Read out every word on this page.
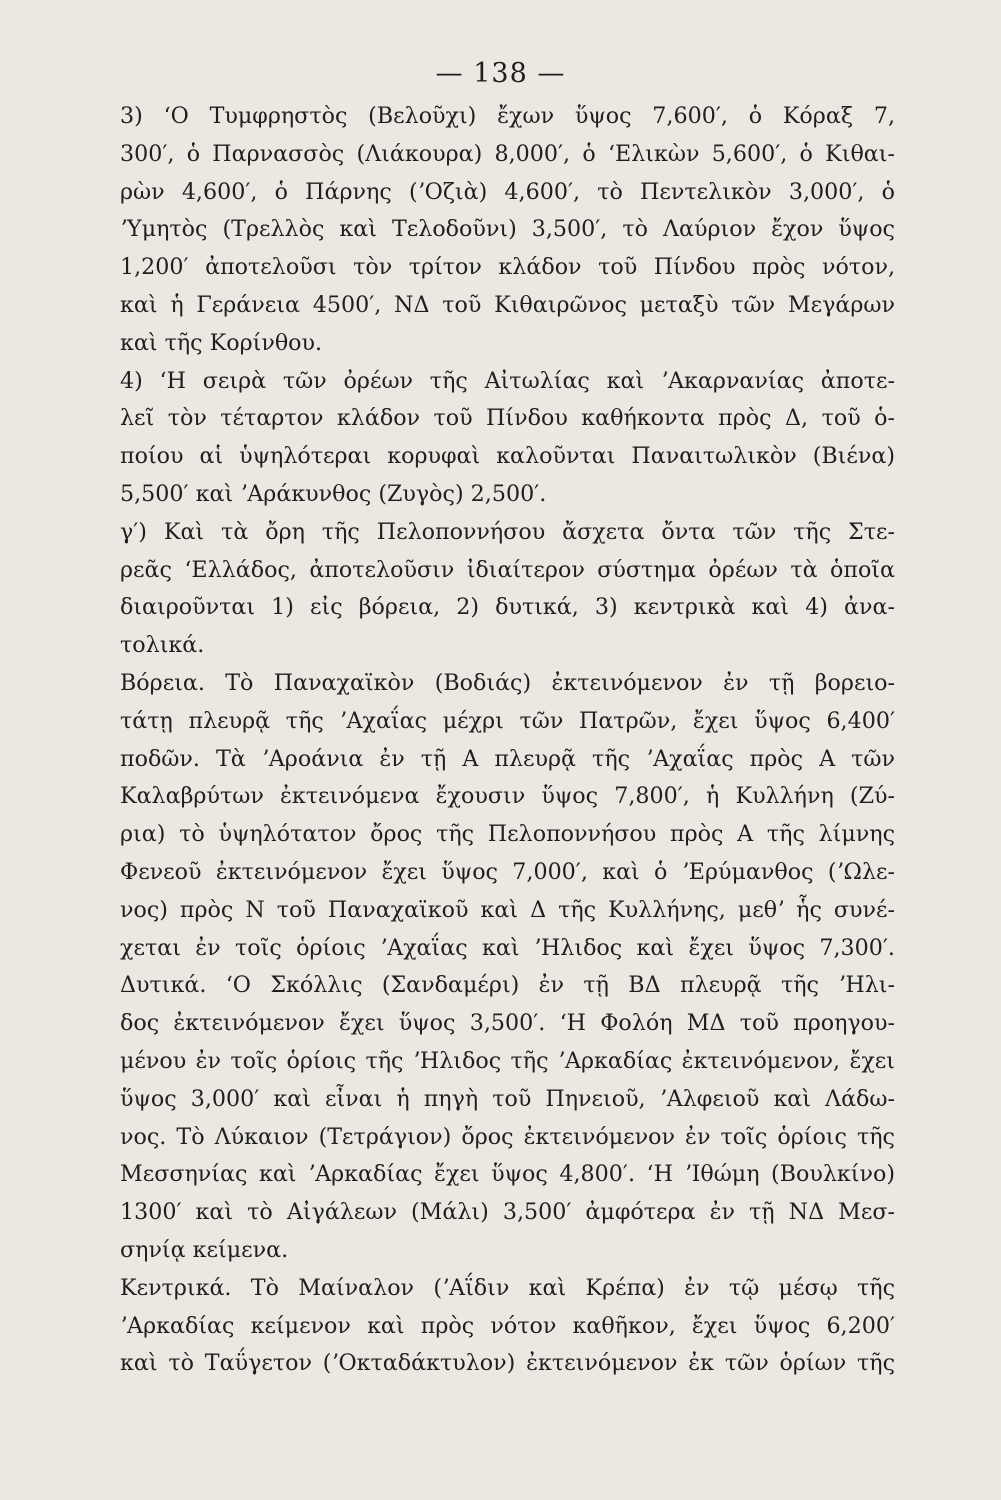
— 138 —
3) ʻΟ Τυμφρηστὸς (Βελοῦχι) ἔχων ὕψος 7,600′, ὁ Κόραξ 7,
300′, ὁ Παρνασσὸς (Λιάκουρα) 8,000′, ὁ ʻΕλικὼν 5,600′, ὁ Κιθαι-
ρὼν 4,600′, ὁ Πάρνης (ʼΟζιὰ) 4,600′, τὸ Πεντελικὸν 3,000′, ὁ
ʼΥμητὸς (Τρελλὸς καὶ Τελοδοῦνι) 3,500′, τὸ Λαύριον ἔχον ὕψος
1,200′ ἀποτελοῦσι τὸν τρίτον κλάδον τοῦ Πίνδου πρὸς νότον,
καὶ ἡ Γεράνεια 4500′, ΝΔ τοῦ Κιθαιρῶνος μεταξὺ τῶν Μεγάρων
καὶ τῆς Κορίνθου.
4) ʻΗ σειρὰ τῶν ὀρέων τῆς Αἰτωλίας καὶ ʼΑκαρνανίας ἀποτε-
λεῖ τὸν τέταρτον κλάδον τοῦ Πίνδου καθήκοντα πρὸς Δ, τοῦ ὁ-
ποίου αἱ ὑψηλότεραι κορυφαὶ καλοῦνται Παναιτωλικὸν (Βιένα)
5,500′ καὶ ʼΑράκυνθος (Ζυγὸς) 2,500′.
γ′) Καὶ τὰ ὄρη τῆς Πελοποννήσου ἄσχετα ὄντα τῶν τῆς Στε-
ρεᾶς ʻΕλλάδος, ἀποτελοῦσιν ἰδιαίτερον σύστημα ὀρέων τὰ ὁποῖα
διαιροῦνται 1) εἰς βόρεια, 2) δυτικά, 3) κεντρικὰ καὶ 4) ἀνα-
τολικά.
Βόρεια. Τὸ Παναχαϊκὸν (Βοδιάς) ἐκτεινόμενον ἐν τῇ βορειο-
τάτῃ πλευρᾷ τῆς ʼΑχαΐας μέχρι τῶν Πατρῶν, ἔχει ὕψος 6,400′
ποδῶν. Τὰ ʼΑροάνια ἐν τῇ Α πλευρᾷ τῆς ʼΑχαΐας πρὸς Α τῶν
Καλαβρύτων ἐκτεινόμενα ἔχουσιν ὕψος 7,800′, ἡ Κυλλήνη (Ζύ-
ρια) τὸ ὑψηλότατον ὄρος τῆς Πελοποννήσου πρὸς Α τῆς λίμνης
Φενεοῦ ἐκτεινόμενον ἔχει ὕψος 7,000′, καὶ ὁ ʼΕρύμανθος (ʼΩλε-
νος) πρὸς Ν τοῦ Παναχαϊκοῦ καὶ Δ τῆς Κυλλήνης, μεθʼ ἧς συνέ-
χεται ἐν τοῖς ὁρίοις ʼΑχαΐας καὶ ʼΗλιδος καὶ ἔχει ὕψος 7,300′.
Δυτικά. ʻΟ Σκόλλις (Σανδαμέρι) ἐν τῇ ΒΔ πλευρᾷ τῆς ʼΗλι-
δος ἐκτεινόμενον ἔχει ὕψος 3,500′. ʻΗ Φολόη ΜΔ τοῦ προηγου-
μένου ἐν τοῖς ὁρίοις τῆς ʼΗλιδος τῆς ʼΑρκαδίας ἐκτεινόμενον, ἔχει
ὕψος 3,000′ καὶ εἶναι ἡ πηγὴ τοῦ Πηνειοῦ, ʼΑλφειοῦ καὶ Λάδω-
νος. Τὸ Λύκαιον (Τετράγιον) ὄρος ἐκτεινόμενον ἐν τοῖς ὁρίοις τῆς
Μεσσηνίας καὶ ʼΑρκαδίας ἔχει ὕψος 4,800′. ʻΗ ʼΙθώμη (Βουλκίνο)
1300′ καὶ τὸ Αἰγάλεων (Μάλι) 3,500′ ἀμφότερα ἐν τῇ ΝΔ Μεσ-
σηνίᾳ κείμενα.
Κεντρικά. Τὸ Μαίναλον (ʼΑΐδιν καὶ Κρέπα) ἐν τῷ μέσῳ τῆς
ʼΑρκαδίας κείμενον καὶ πρὸς νότον καθῆκον, ἔχει ὕψος 6,200′
καὶ τὸ Ταΰγετον (ʼΟκταδάκτυλον) ἐκτεινόμενον ἐκ τῶν ὁρίων τῆς
